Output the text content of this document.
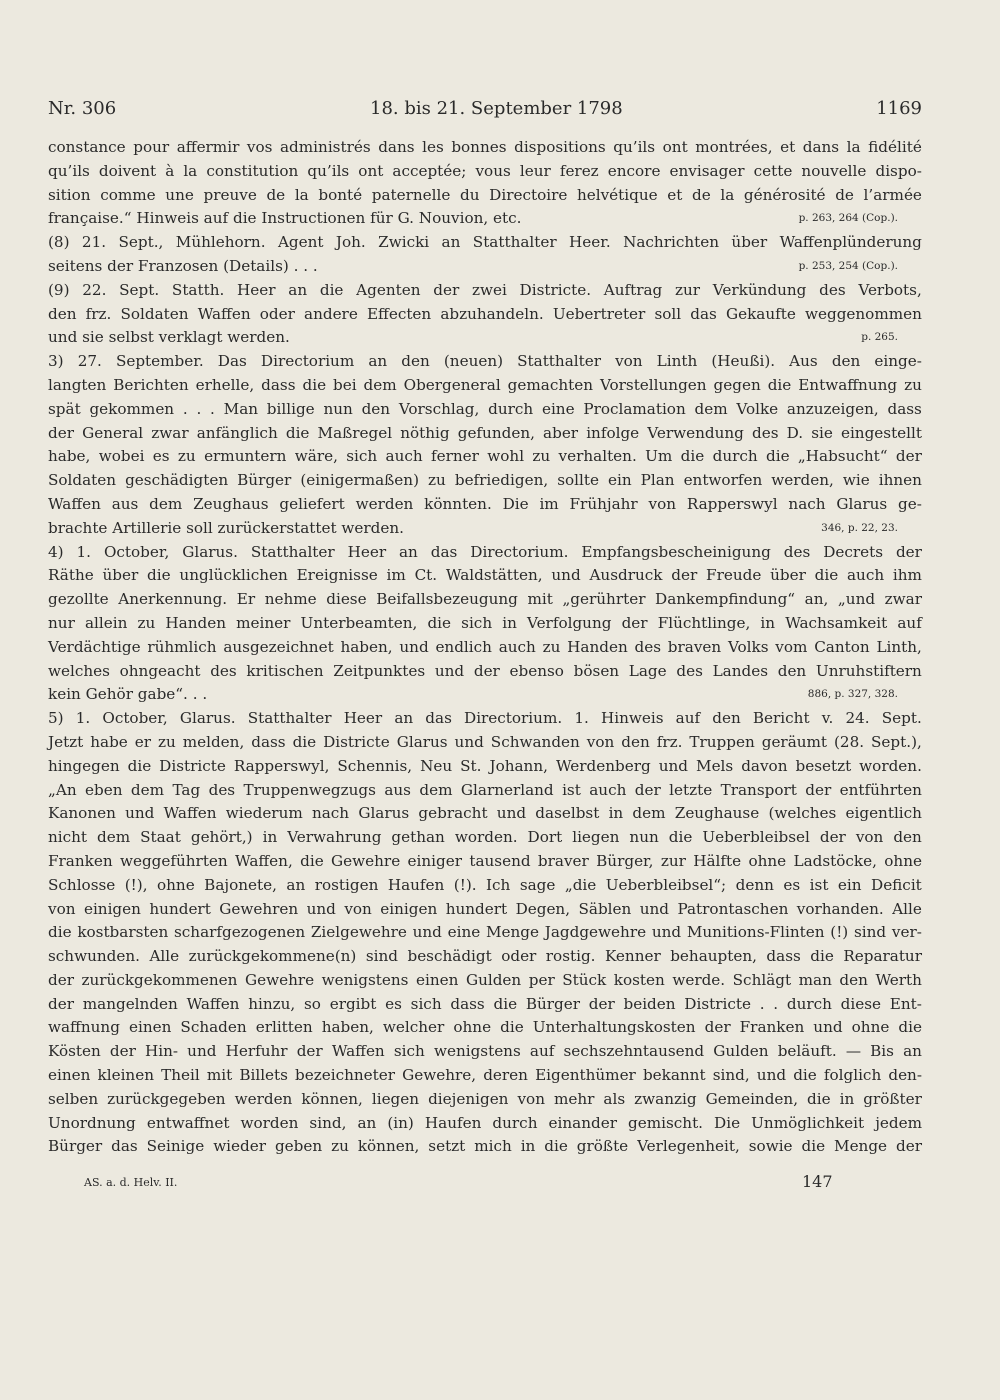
Nr. 306	18. bis 21. September 1798	1169
constance pour affermir vos administrés dans les bonnes dispositions qu’ils ont montrées, et dans la fidélité
qu’ils doivent à la constitution qu’ils ont acceptée; vous leur ferez encore envisager cette nouvelle dispo-
sition comme une preuve de la bonté paternelle du Directoire helvétique et de la générosité de l’armée
française.“ Hinweis auf die Instructionen für G. Nouvion, etc.	p. 263, 264 (Cop.).
(8) 21. Sept., Mühlehorn. Agent Joh. Zwicki an Statthalter Heer. Nachrichten über Waffenplünderung
seitens der Franzosen (Details) . . .	p. 253, 254 (Cop.).
(9) 22. Sept. Statth. Heer an die Agenten der zwei Districte. Auftrag zur Verkündung des Verbots,
den frz. Soldaten Waffen oder andere Effecten abzuhandeln. Uebertreter soll das Gekaufte weggenommen
und sie selbst verklagt werden.	p. 265.
3) 27. September. Das Directorium an den (neuen) Statthalter von Linth (Heußi). Aus den einge-
langten Berichten erhelle, dass die bei dem Obergeneral gemachten Vorstellungen gegen die Entwaffnung zu
spät gekommen . . . Man billige nun den Vorschlag, durch eine Proclamation dem Volke anzuzeigen, dass
der General zwar anfänglich die Maßregel nöthig gefunden, aber infolge Verwendung des D. sie eingestellt
habe, wobei es zu ermuntern wäre, sich auch ferner wohl zu verhalten. Um die durch die „Habsucht“ der
Soldaten geschädigten Bürger (einigermaßen) zu befriedigen, sollte ein Plan entworfen werden, wie ihnen
Waffen aus dem Zeughaus geliefert werden könnten. Die im Frühjahr von Rapperswyl nach Glarus ge-
brachte Artillerie soll zurückerstattet werden.	346, p. 22, 23.
4) 1. October, Glarus. Statthalter Heer an das Directorium. Empfangsbescheinigung des Decrets der
Räthe über die unglücklichen Ereignisse im Ct. Waldstätten, und Ausdruck der Freude über die auch ihm
gezollte Anerkennung. Er nehme diese Beifallsbezeugung mit „gerührter Dankempfindung“ an, „und zwar
nur allein zu Handen meiner Unterbeamten, die sich in Verfolgung der Flüchtlinge, in Wachsamkeit auf
Verdächtige rühmlich ausgezeichnet haben, und endlich auch zu Handen des braven Volks vom Canton Linth,
welches ohngeacht des kritischen Zeitpunktes und der ebenso bösen Lage des Landes den Unruhstiftern
kein Gehör gabe“. . .	886, p. 327, 328.
5) 1. October, Glarus. Statthalter Heer an das Directorium. 1. Hinweis auf den Bericht v. 24. Sept.
Jetzt habe er zu melden, dass die Districte Glarus und Schwanden von den frz. Truppen geräumt (28. Sept.),
hingegen die Districte Rapperswyl, Schennis, Neu St. Johann, Werdenberg und Mels davon besetzt worden.
„An eben dem Tag des Truppenwegzugs aus dem Glarnerland ist auch der letzte Transport der entführten
Kanonen und Waffen wiederum nach Glarus gebracht und daselbst in dem Zeughause (welches eigentlich
nicht dem Staat gehört,) in Verwahrung gethan worden. Dort liegen nun die Ueberbleibsel der von den
Franken weggeführten Waffen, die Gewehre einiger tausend braver Bürger, zur Hälfte ohne Ladstöcke, ohne
Schlosse (!), ohne Bajonete, an rostigen Haufen (!). Ich sage „die Ueberbleibsel“; denn es ist ein Deficit
von einigen hundert Gewehren und von einigen hundert Degen, Säblen und Patrontaschen vorhanden. Alle
die kostbarsten scharfgezogenen Zielgewehre und eine Menge Jagdgewehre und Munitions-Flinten (!) sind ver-
schwunden. Alle zurückgekommene(n) sind beschädigt oder rostig. Kenner behaupten, dass die Reparatur
der zurückgekommenen Gewehre wenigstens einen Gulden per Stück kosten werde. Schlägt man den Werth
der mangelnden Waffen hinzu, so ergibt es sich dass die Bürger der beiden Districte . . durch diese Ent-
waffnung einen Schaden erlitten haben, welcher ohne die Unterhaltungskosten der Franken und ohne die
Kösten der Hin- und Herfuhr der Waffen sich wenigstens auf sechszehntausend Gulden beläuft. — Bis an
einen kleinen Theil mit Billets bezeichneter Gewehre, deren Eigenthümer bekannt sind, und die folglich den-
selben zurückgegeben werden können, liegen diejenigen von mehr als zwanzig Gemeinden, die in größter
Unordnung entwaffnet worden sind, an (in) Haufen durch einander gemischt. Die Unmöglichkeit jedem
Bürger das Seinige wieder geben zu können, setzt mich in die größte Verlegenheit, sowie die Menge der
AS. a. d. Helv. II.	147
